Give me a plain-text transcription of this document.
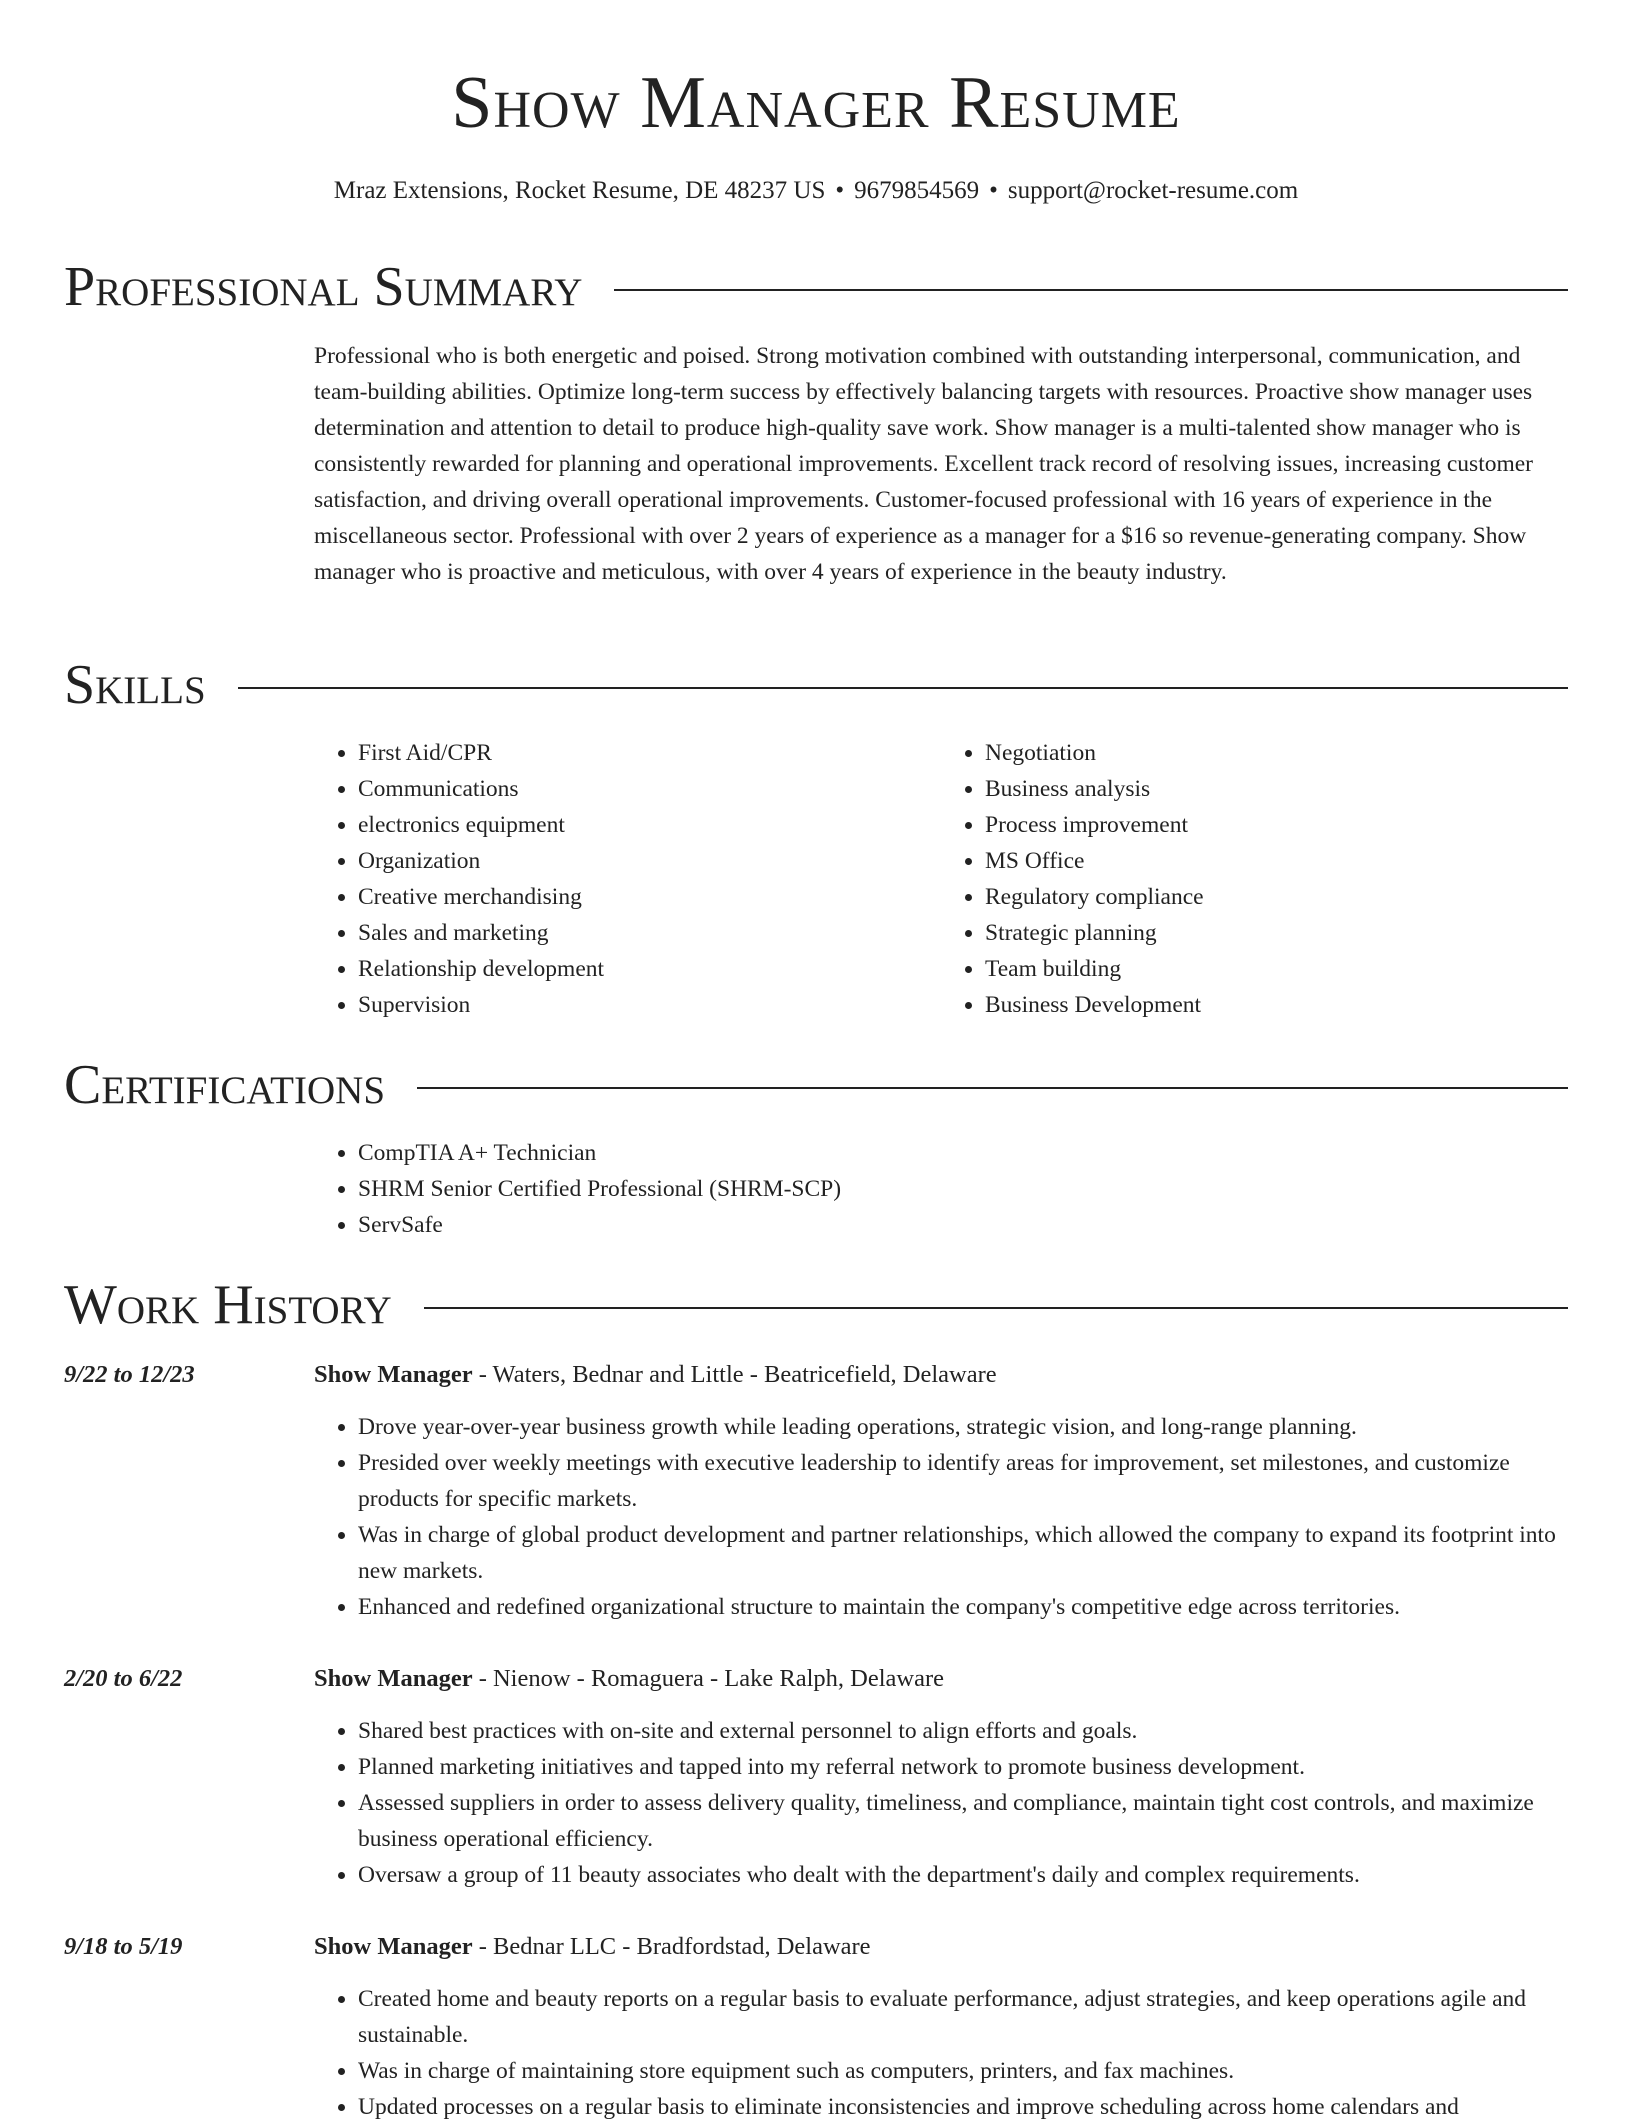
Show Manager Resume
Mraz Extensions, Rocket Resume, DE 48237 US • 9679854569 • support@rocket-resume.com
Professional Summary
Professional who is both energetic and poised. Strong motivation combined with outstanding interpersonal, communication, and team-building abilities. Optimize long-term success by effectively balancing targets with resources. Proactive show manager uses determination and attention to detail to produce high-quality save work. Show manager is a multi-talented show manager who is consistently rewarded for planning and operational improvements. Excellent track record of resolving issues, increasing customer satisfaction, and driving overall operational improvements. Customer-focused professional with 16 years of experience in the miscellaneous sector. Professional with over 2 years of experience as a manager for a $16 so revenue-generating company. Show manager who is proactive and meticulous, with over 4 years of experience in the beauty industry.
Skills
• First Aid/CPR
• Communications
• electronics equipment
• Organization
• Creative merchandising
• Sales and marketing
• Relationship development
• Supervision
• Negotiation
• Business analysis
• Process improvement
• MS Office
• Regulatory compliance
• Strategic planning
• Team building
• Business Development
Certifications
• CompTIA A+ Technician
• SHRM Senior Certified Professional (SHRM-SCP)
• ServSafe
Work History
9/22 to 12/23	Show Manager - Waters, Bednar and Little - Beatricefield, Delaware
• Drove year-over-year business growth while leading operations, strategic vision, and long-range planning.
• Presided over weekly meetings with executive leadership to identify areas for improvement, set milestones, and customize products for specific markets.
• Was in charge of global product development and partner relationships, which allowed the company to expand its footprint into new markets.
• Enhanced and redefined organizational structure to maintain the company's competitive edge across territories.
2/20 to 6/22	Show Manager - Nienow - Romaguera - Lake Ralph, Delaware
• Shared best practices with on-site and external personnel to align efforts and goals.
• Planned marketing initiatives and tapped into my referral network to promote business development.
• Assessed suppliers in order to assess delivery quality, timeliness, and compliance, maintain tight cost controls, and maximize business operational efficiency.
• Oversaw a group of 11 beauty associates who dealt with the department's daily and complex requirements.
9/18 to 5/19	Show Manager - Bednar LLC - Bradfordstad, Delaware
• Created home and beauty reports on a regular basis to evaluate performance, adjust strategies, and keep operations agile and sustainable.
• Was in charge of maintaining store equipment such as computers, printers, and fax machines.
• Updated processes on a regular basis to eliminate inconsistencies and improve scheduling across home calendars and
